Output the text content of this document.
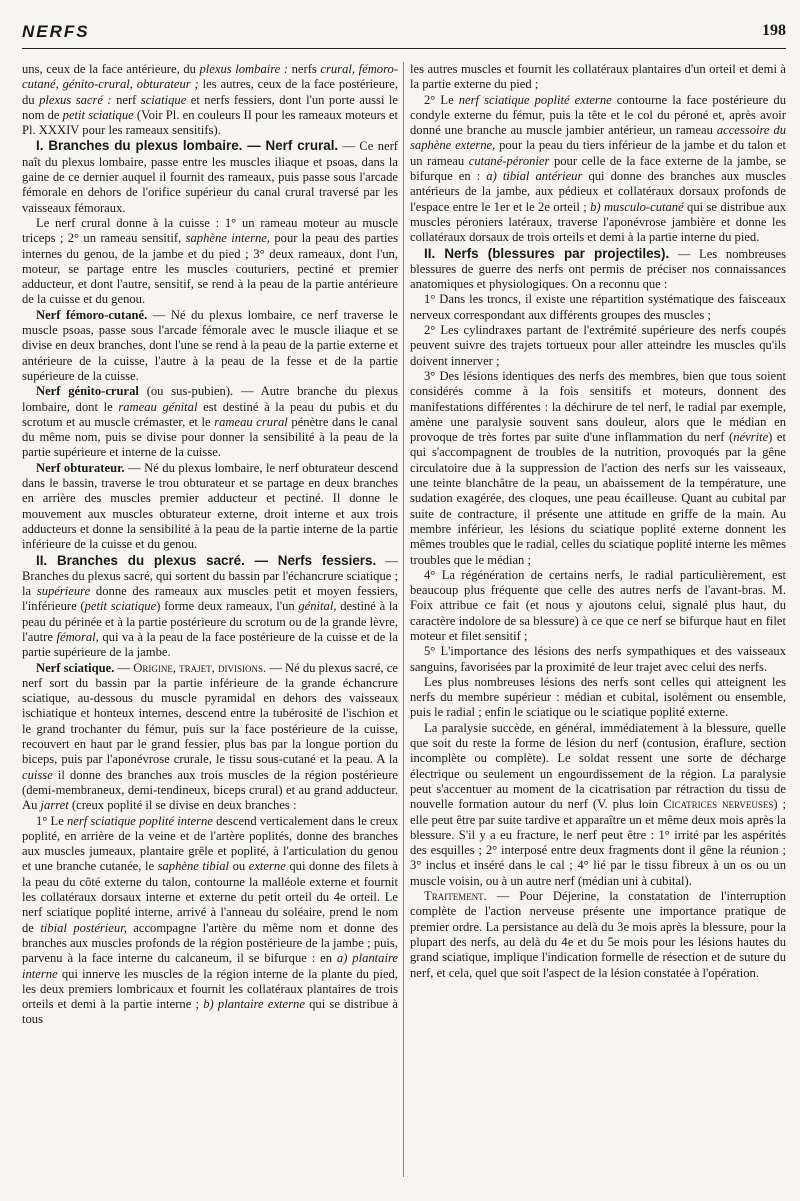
NERFS	198

uns, ceux de la face antérieure, du plexus lombaire : nerfs crural, fémoro-cutané, génito-crural, obturateur ; les autres, ceux de la face postérieure, du plexus sacré : nerf sciatique et nerfs fessiers, dont l'un porte aussi le nom de petit sciatique (Voir Pl. en couleurs II pour les rameaux moteurs et Pl. XXXIV pour les rameaux sensitifs).

I. Branches du plexus lombaire. — Nerf crural. — Ce nerf naît du plexus lombaire, passe entre les muscles iliaque et psoas, dans la gaine de ce dernier auquel il fournit des rameaux, puis passe sous l'arcade fémorale en dehors de l'orifice supérieur du canal crural traversé par les vaisseaux fémoraux.

Le nerf crural donne à la cuisse : 1° un rameau moteur au muscle triceps ; 2° un rameau sensitif, saphène interne, pour la peau des parties internes du genou, de la jambe et du pied ; 3° deux rameaux, dont l'un, moteur, se partage entre les muscles couturiers, pectiné et premier adducteur, et dont l'autre, sensitif, se rend à la peau de la partie antérieure de la cuisse et du genou.

Nerf fémoro-cutané. — Né du plexus lombaire, ce nerf traverse le muscle psoas, passe sous l'arcade fémorale avec le muscle iliaque et se divise en deux branches, dont l'une se rend à la peau de la partie externe et antérieure de la cuisse, l'autre à la peau de la fesse et de la partie supérieure de la cuisse.

Nerf génito-crural (ou sus-pubien). — Autre branche du plexus lombaire, dont le rameau génital est destiné à la peau du pubis et du scrotum et au muscle crémaster, et le rameau crural pénètre dans le canal du même nom, puis se divise pour donner la sensibilité à la peau de la partie supérieure et interne de la cuisse.

Nerf obturateur. — Né du plexus lombaire, le nerf obturateur descend dans le bassin, traverse le trou obturateur et se partage en deux branches en arrière des muscles premier adducteur et pectiné. Il donne le mouvement aux muscles obturateur externe, droit interne et aux trois adducteurs et donne la sensibilité à la peau de la partie interne de la partie inférieure de la cuisse et du genou.

II. Branches du plexus sacré. — Nerfs fessiers. — Branches du plexus sacré, qui sortent du bassin par l'échancrure sciatique ; la supérieure donne des rameaux aux muscles petit et moyen fessiers, l'inférieure (petit sciatique) forme deux rameaux, l'un génital, destiné à la peau du périnée et à la partie postérieure du scrotum ou de la grande lèvre, l'autre fémoral, qui va à la peau de la face postérieure de la cuisse et de la partie supérieure de la jambe.

Nerf sciatique. — Origine, trajet, divisions. — Né du plexus sacré, ce nerf sort du bassin par la partie inférieure de la grande échancrure sciatique, au-dessous du muscle pyramidal en dehors des vaisseaux ischiatique et honteux internes, descend entre la tubérosité de l'ischion et le grand trochanter du fémur, puis sur la face postérieure de la cuisse, recouvert en haut par le grand fessier, plus bas par la longue portion du biceps, puis par l'aponévrose crurale, le tissu sous-cutané et la peau. A la cuisse il donne des branches aux trois muscles de la région postérieure (demi-membraneux, demi-tendineux, biceps crural) et au grand adducteur. Au jarret (creux poplité il se divise en deux branches :

1° Le nerf sciatique poplité interne descend verticalement dans le creux poplité, en arrière de la veine et de l'artère poplités, donne des branches aux muscles jumeaux, plantaire grêle et poplité, à l'articulation du genou et une branche cutanée, le saphène tibial ou externe qui donne des filets à la peau du côté externe du talon, contourne la malléole externe et fournit les collatéraux dorsaux interne et externe du petit orteil du 4e orteil. Le nerf sciatique poplité interne, arrivé à l'anneau du soléaire, prend le nom de tibial postérieur, accompagne l'artère du même nom et donne des branches aux muscles profonds de la région postérieure de la jambe ; puis, parvenu à la face interne du calcaneum, il se bifurque : en a) plantaire interne qui innerve les muscles de la région interne de la plante du pied, les deux premiers lombricaux et fournit les collatéraux plantaires de trois orteils et demi à la partie interne ; b) plantaire externe qui se distribue à tous

les autres muscles et fournit les collatéraux plantaires d'un orteil et demi à la partie externe du pied ;

2° Le nerf sciatique poplité externe contourne la face postérieure du condyle externe du fémur, puis la tête et le col du péroné et, après avoir donné une branche au muscle jambier antérieur, un rameau accessoire du saphène externe, pour la peau du tiers inférieur de la jambe et du talon et un rameau cutané-péronier pour celle de la face externe de la jambe, se bifurque en : a) tibial antérieur qui donne des branches aux muscles antérieurs de la jambe, aux pédieux et collatéraux dorsaux profonds de l'espace entre le 1er et le 2e orteil ; b) musculo-cutané qui se distribue aux muscles péroniers latéraux, traverse l'aponévrose jambière et donne les collatéraux dorsaux de trois orteils et demi à la partie interne du pied.

II. Nerfs (blessures par projectiles). — Les nombreuses blessures de guerre des nerfs ont permis de préciser nos connaissances anatomiques et physiologiques. On a reconnu que :

1° Dans les troncs, il existe une répartition systématique des faisceaux nerveux correspondant aux différents groupes des muscles ;

2° Les cylindraxes partant de l'extrémité supérieure des nerfs coupés peuvent suivre des trajets tortueux pour aller atteindre les muscles qu'ils doivent innerver ;

3° Des lésions identiques des nerfs des membres, bien que tous soient considérés comme à la fois sensitifs et moteurs, donnent des manifestations différentes : la déchirure de tel nerf, le radial par exemple, amène une paralysie souvent sans douleur, alors que le médian en provoque de très fortes par suite d'une inflammation du nerf (névrite) et qui s'accompagnent de troubles de la nutrition, provoqués par la gêne circulatoire due à la suppression de l'action des nerfs sur les vaisseaux, une teinte blanchâtre de la peau, un abaissement de la température, une sudation exagérée, des cloques, une peau écailleuse. Quant au cubital par suite de contracture, il présente une attitude en griffe de la main. Au membre inférieur, les lésions du sciatique poplité externe donnent les mêmes troubles que le radial, celles du sciatique poplité interne les mêmes troubles que le médian ;

4° La régénération de certains nerfs, le radial particulièrement, est beaucoup plus fréquente que celle des autres nerfs de l'avant-bras. M. Foix attribue ce fait (et nous y ajoutons celui, signalé plus haut, du caractère indolore de sa blessure) à ce que ce nerf se bifurque haut en filet moteur et filet sensitif ;

5° L'importance des lésions des nerfs sympathiques et des vaisseaux sanguins, favorisées par la proximité de leur trajet avec celui des nerfs.

Les plus nombreuses lésions des nerfs sont celles qui atteignent les nerfs du membre supérieur : médian et cubital, isolément ou ensemble, puis le radial ; enfin le sciatique ou le sciatique poplité externe.

La paralysie succède, en général, immédiatement à la blessure, quelle que soit du reste la forme de lésion du nerf (contusion, éraflure, section incomplète ou complète). Le soldat ressent une sorte de décharge électrique ou seulement un engourdissement de la région. La paralysie peut s'accentuer au moment de la cicatrisation par rétraction du tissu de nouvelle formation autour du nerf (V. plus loin Cicatrices nerveuses) ; elle peut être par suite tardive et apparaître un et même deux mois après la blessure. S'il y a eu fracture, le nerf peut être : 1° irrité par les aspérités des esquilles ; 2° interposé entre deux fragments dont il gêne la réunion ; 3° inclus et inséré dans le cal ; 4° lié par le tissu fibreux à un os ou un muscle voisin, ou à un autre nerf (médian uni à cubital).

Traitement. — Pour Déjerine, la constatation de l'interruption complète de l'action nerveuse présente une importance pratique de premier ordre. La persistance au delà du 3e mois après la blessure, pour la plupart des nerfs, au delà du 4e et du 5e mois pour les lésions hautes du grand sciatique, implique l'indication formelle de résection et de suture du nerf, et cela, quel que soit l'aspect de la lésion constatée à l'opération.
